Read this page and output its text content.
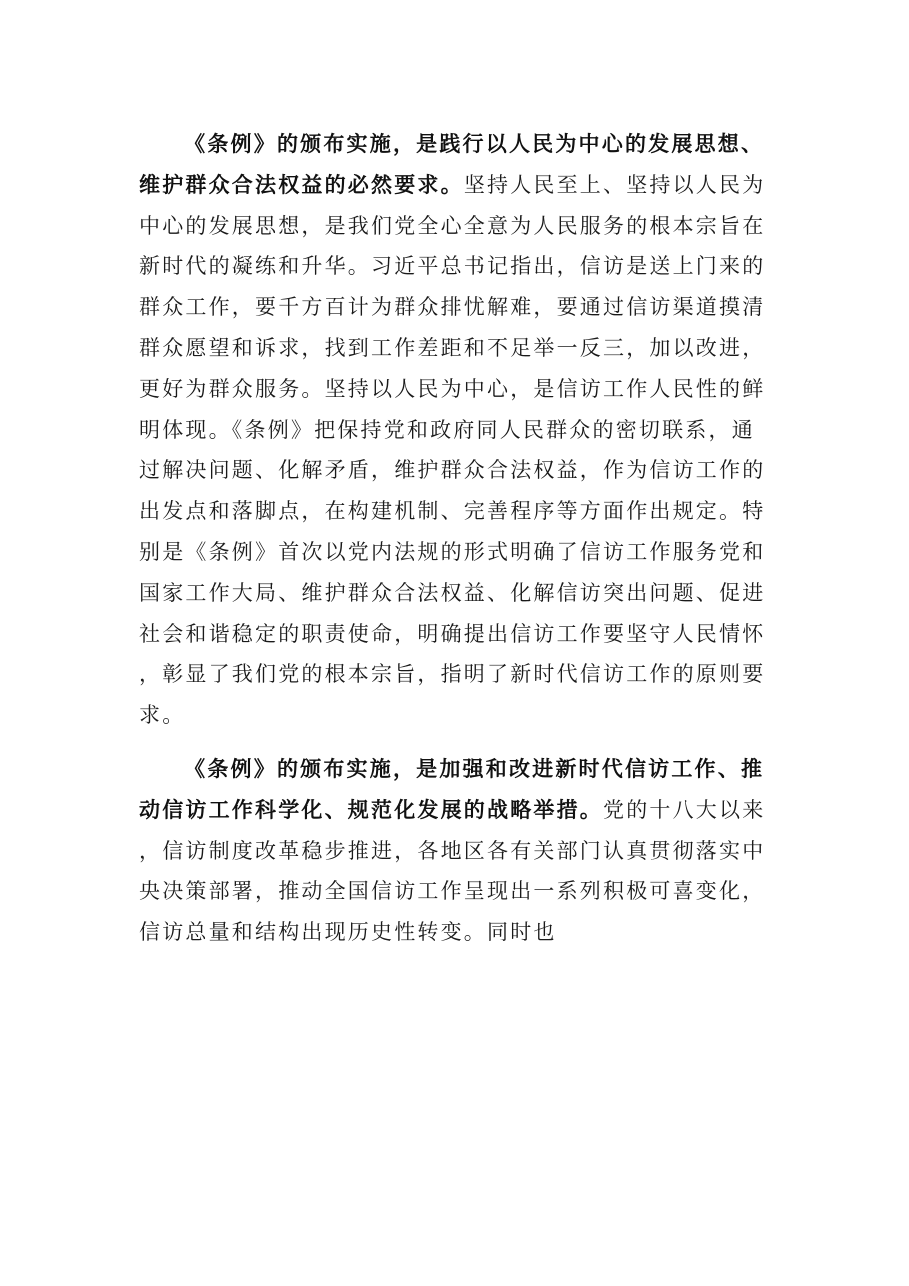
《条例》的颁布实施，是践行以人民为中心的发展思想、维护群众合法权益的必然要求。坚持人民至上、坚持以人民为中心的发展思想，是我们党全心全意为人民服务的根本宗旨在新时代的凝练和升华。习近平总书记指出，信访是送上门来的群众工作，要千方百计为群众排忧解难，要通过信访渠道摸清群众愿望和诉求，找到工作差距和不足举一反三，加以改进，更好为群众服务。坚持以人民为中心，是信访工作人民性的鲜明体现。《条例》把保持党和政府同人民群众的密切联系，通过解决问题、化解矛盾，维护群众合法权益，作为信访工作的出发点和落脚点，在构建机制、完善程序等方面作出规定。特别是《条例》首次以党内法规的形式明确了信访工作服务党和国家工作大局、维护群众合法权益、化解信访突出问题、促进社会和谐稳定的职责使命，明确提出信访工作要坚守人民情怀，彰显了我们党的根本宗旨，指明了新时代信访工作的原则要求。

《条例》的颁布实施，是加强和改进新时代信访工作、推动信访工作科学化、规范化发展的战略举措。党的十八大以来，信访制度改革稳步推进，各地区各有关部门认真贯彻落实中央决策部署，推动全国信访工作呈现出一系列积极可喜变化，信访总量和结构出现历史性转变。同时也
